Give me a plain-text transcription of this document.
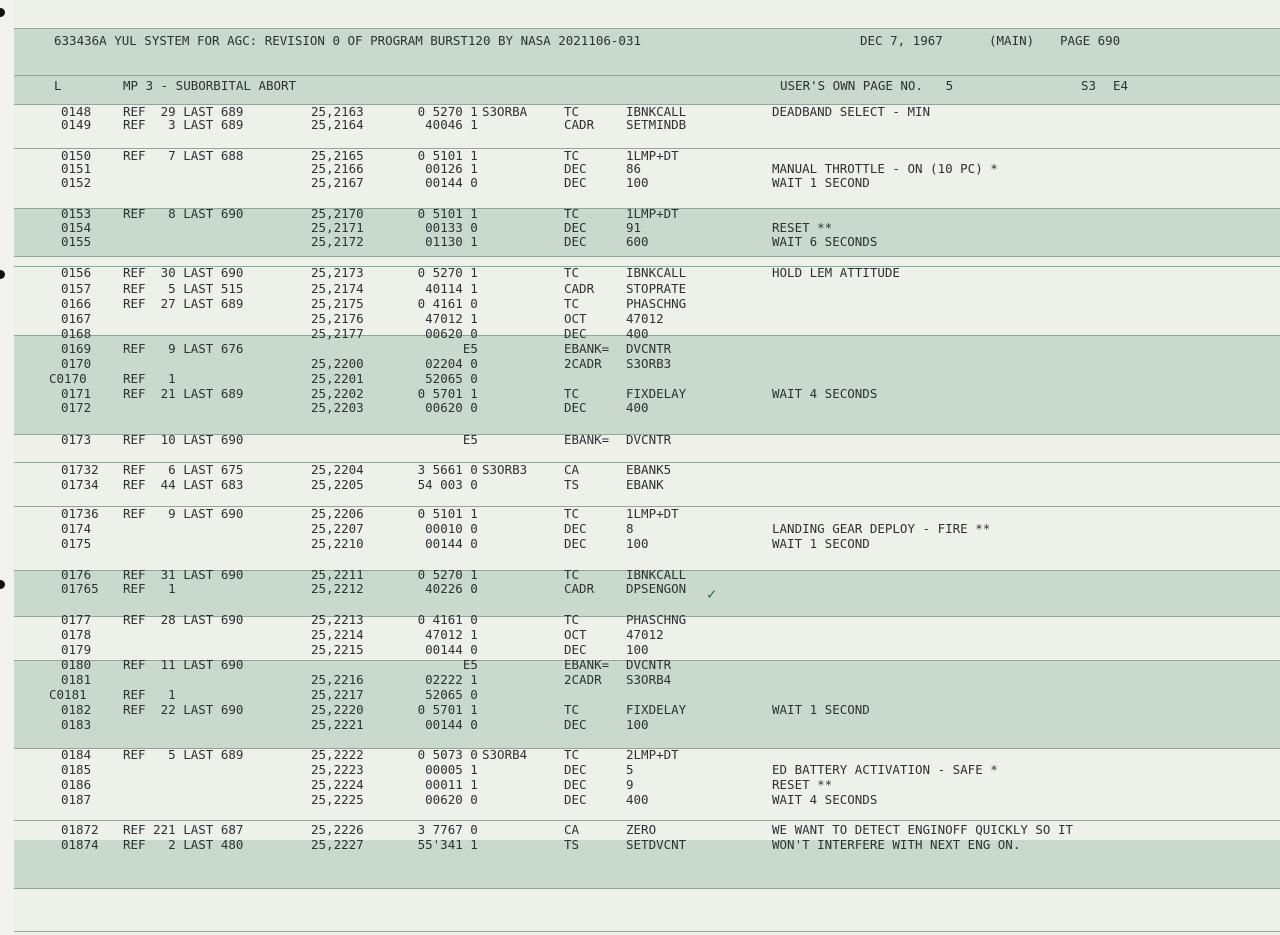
633436A YUL SYSTEM FOR AGC: REVISION 0 OF PROGRAM BURST120 BY NASA 2021106-031

	DEC 7, 1967

	(MAIN)

PAGE 690

L

	MP 3 - SUBORBITAL ABORT

	USER'S OWN PAGE NO.   5

	S3

E4

0148	REF  29 LAST 689	25,2163	0 5270 1 S3ORBA	TC	IBNKCALL	DEADBAND SELECT - MIN
0149	REF   3 LAST 689	25,2164	40046 1	CADR	SETMINDB
0150	REF   7 LAST 688	25,2165	0 5101 1	TC	1LMP+DT
0151	25,2166	00126 1	DEC	86	MANUAL THROTTLE - ON (10 PC) *
0152	25,2167	00144 0	DEC	100	WAIT 1 SECOND
0153	REF   8 LAST 690	25,2170	0 5101 1	TC	1LMP+DT
0154	25,2171	00133 0	DEC	91	RESET **
0155	25,2172	01130 1	DEC	600	WAIT 6 SECONDS
0156	REF  30 LAST 690	25,2173	0 5270 1	TC	IBNKCALL	HOLD LEM ATTITUDE
0157	REF   5 LAST 515	25,2174	40114 1	CADR	STOPRATE
0166	REF  27 LAST 689	25,2175	0 4161 0	TC	PHASCHNG
0167	25,2176	47012 1	OCT	47012
0168	25,2177	00620 0	DEC	400
0169	REF   9 LAST 676	E5	EBANK= DVCNTR
0170	25,2200	02204 0	2CADR S3ORB3
C0170	REF   1	25,2201	52065 0
0171	REF  21 LAST 689	25,2202	0 5701 1	TC	FIXDELAY	WAIT 4 SECONDS
0172	25,2203	00620 0	DEC	400
0173	REF  10 LAST 690	E5	EBANK= DVCNTR
01732 REF   6 LAST 675	25,2204	3 5661 0 S3ORB3	CA	EBANK5
01734 REF  44 LAST 683	25,2205	54 003 0	TS	EBANK
01736 REF   9 LAST 690	25,2206	0 5101 1	TC	1LMP+DT
0174	25,2207	00010 0	DEC	8	LANDING GEAR DEPLOY - FIRE **
0175	25,2210	00144 0	DEC	100	WAIT 1 SECOND
0176	REF  31 LAST 690	25,2211	0 5270 1	TC	IBNKCALL
01765 REF   1	25,2212	40226 0	CADR	DPSENGON
0177	REF  28 LAST 690	25,2213	0 4161 0	TC	PHASCHNG
0178	25,2214	47012 1	OCT	47012
0179	25,2215	00144 0	DEC	100
0180	REF  11 LAST 690	E5	EBANK= DVCNTR
0181	25,2216	02222 1	2CADR S3ORB4
C0181	REF   1	25,2217	52065 0
0182	REF  22 LAST 690	25,2220	0 5701 1	TC	FIXDELAY	WAIT 1 SECOND
0183	25,2221	00144 0	DEC	100
0184	REF   5 LAST 689	25,2222	0 5073 0 S3ORB4	TC	2LMP+DT
0185	25,2223	00005 1	DEC	5	ED BATTERY ACTIVATION - SAFE *
0186	25,2224	00011 1	DEC	9	RESET **
0187	25,2225	00620 0	DEC	400	WAIT 4 SECONDS
01872 REF 221 LAST 687	25,2226	3 7767 0	CA	ZERO	WE WANT TO DETECT ENGINOFF QUICKLY SO IT
01874 REF   2 LAST 480	25,2227	55'341 1	TS	SETDVCNT	WON'T INTERFERE WITH NEXT ENG ON.
✓
